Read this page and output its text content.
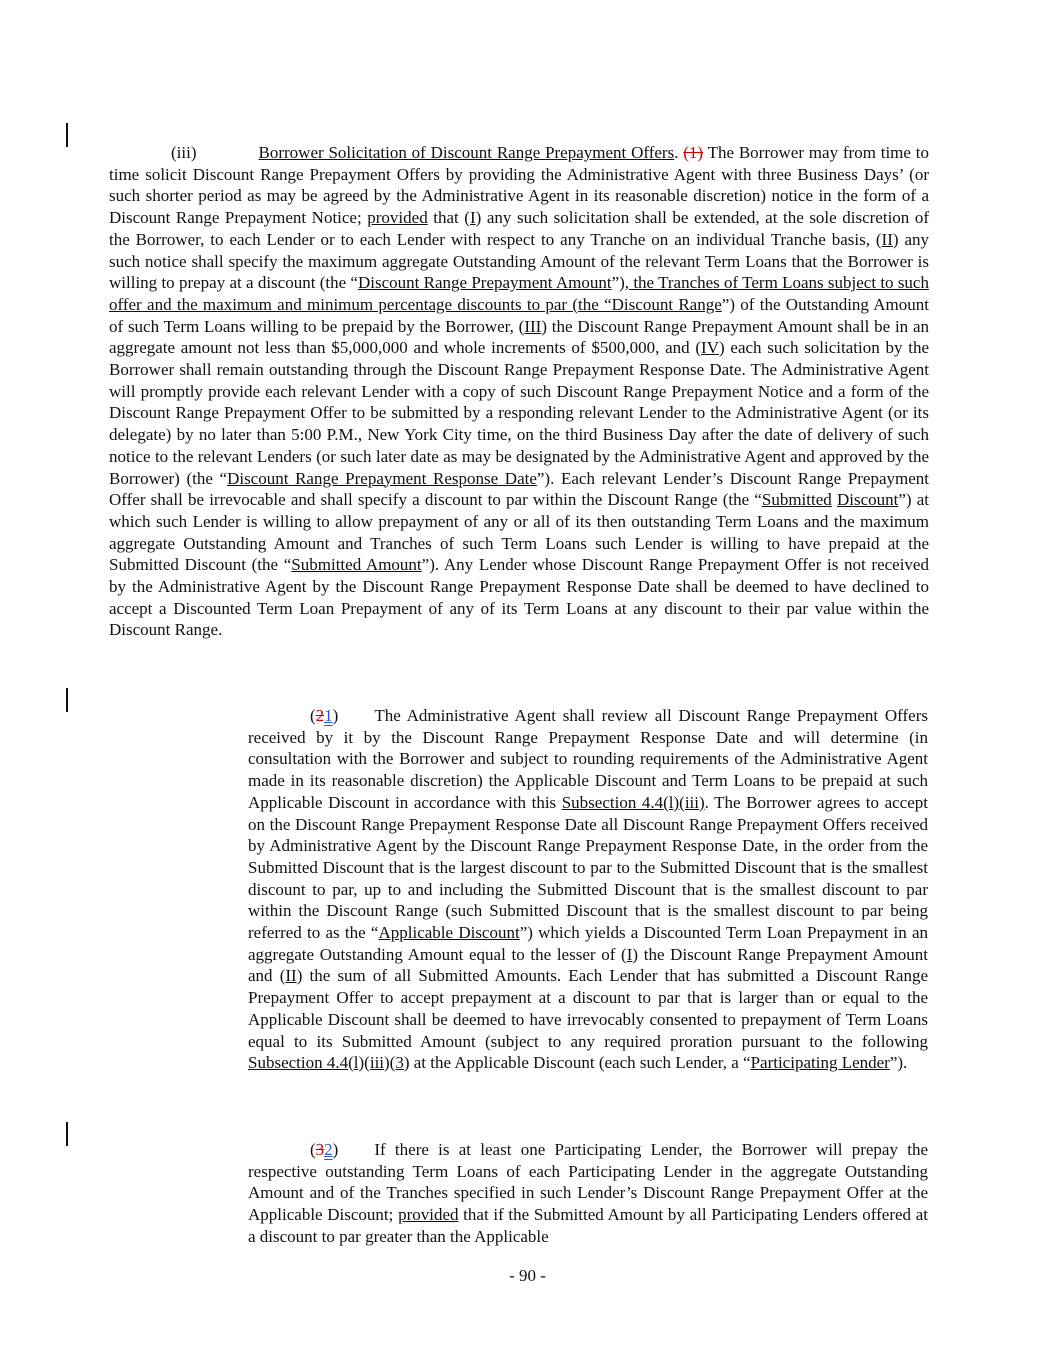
(iii)	Borrower Solicitation of Discount Range Prepayment Offers. (1) The Borrower may from time to time solicit Discount Range Prepayment Offers by providing the Administrative Agent with three Business Days’ (or such shorter period as may be agreed by the Administrative Agent in its reasonable discretion) notice in the form of a Discount Range Prepayment Notice; provided that (I) any such solicitation shall be extended, at the sole discretion of the Borrower, to each Lender or to each Lender with respect to any Tranche on an individual Tranche basis, (II) any such notice shall specify the maximum aggregate Outstanding Amount of the relevant Term Loans that the Borrower is willing to prepay at a discount (the “Discount Range Prepayment Amount”), the Tranches of Term Loans subject to such offer and the maximum and minimum percentage discounts to par (the “Discount Range”) of the Outstanding Amount of such Term Loans willing to be prepaid by the Borrower, (III) the Discount Range Prepayment Amount shall be in an aggregate amount not less than $5,000,000 and whole increments of $500,000, and (IV) each such solicitation by the Borrower shall remain outstanding through the Discount Range Prepayment Response Date. The Administrative Agent will promptly provide each relevant Lender with a copy of such Discount Range Prepayment Notice and a form of the Discount Range Prepayment Offer to be submitted by a responding relevant Lender to the Administrative Agent (or its delegate) by no later than 5:00 P.M., New York City time, on the third Business Day after the date of delivery of such notice to the relevant Lenders (or such later date as may be designated by the Administrative Agent and approved by the Borrower) (the “Discount Range Prepayment Response Date”). Each relevant Lender’s Discount Range Prepayment Offer shall be irrevocable and shall specify a discount to par within the Discount Range (the “Submitted Discount”) at which such Lender is willing to allow prepayment of any or all of its then outstanding Term Loans and the maximum aggregate Outstanding Amount and Tranches of such Term Loans such Lender is willing to have prepaid at the Submitted Discount (the “Submitted Amount”). Any Lender whose Discount Range Prepayment Offer is not received by the Administrative Agent by the Discount Range Prepayment Response Date shall be deemed to have declined to accept a Discounted Term Loan Prepayment of any of its Term Loans at any discount to their par value within the Discount Range.

(21) The Administrative Agent shall review all Discount Range Prepayment Offers received by it by the Discount Range Prepayment Response Date and will determine (in consultation with the Borrower and subject to rounding requirements of the Administrative Agent made in its reasonable discretion) the Applicable Discount and Term Loans to be prepaid at such Applicable Discount in accordance with this Subsection 4.4(l)(iii). The Borrower agrees to accept on the Discount Range Prepayment Response Date all Discount Range Prepayment Offers received by Administrative Agent by the Discount Range Prepayment Response Date, in the order from the Submitted Discount that is the largest discount to par to the Submitted Discount that is the smallest discount to par, up to and including the Submitted Discount that is the smallest discount to par within the Discount Range (such Submitted Discount that is the smallest discount to par being referred to as the “Applicable Discount”) which yields a Discounted Term Loan Prepayment in an aggregate Outstanding Amount equal to the lesser of (I) the Discount Range Prepayment Amount and (II) the sum of all Submitted Amounts. Each Lender that has submitted a Discount Range Prepayment Offer to accept prepayment at a discount to par that is larger than or equal to the Applicable Discount shall be deemed to have irrevocably consented to prepayment of Term Loans equal to its Submitted Amount (subject to any required proration pursuant to the following Subsection 4.4(l)(iii)(3) at the Applicable Discount (each such Lender, a “Participating Lender”).

(32) If there is at least one Participating Lender, the Borrower will prepay the respective outstanding Term Loans of each Participating Lender in the aggregate Outstanding Amount and of the Tranches specified in such Lender’s Discount Range Prepayment Offer at the Applicable Discount; provided that if the Submitted Amount by all Participating Lenders offered at a discount to par greater than the Applicable

- 90 -
